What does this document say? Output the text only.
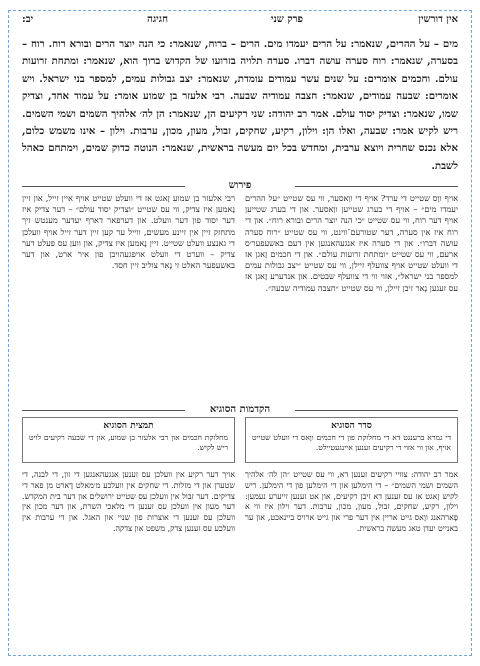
אין דורשין
פרק שני
חגיגה
יב:
מים – על ההרים, שנאמר: על הרים יעמדו מים. הרים – ברוח, שנאמר: כי הנה יוצר הרים ובורא רוח. רוח – בסערה, שנאמר: רוח סערה עושה דברו. סערה תלויה בזרועו של הקדוש ברוך הוא, שנאמר: ומתחת זרועות עולם. וחכמים אומרים: על שנים עשר עמודים עומדת, שנאמר: יצב גבולות עמים, למספר בני ישראל. ויש אומרים: שבעה עמודים, שנאמר: חצבה עמודיה שבעה. רבי אלעזר בן שמוע אומר: על עמוד אחד, וצדיק שמו, שנאמר: וצדיק יסוד עולם. אמר רב יהודה: שני רקיעים הן, שנאמר: הן לה׳ אלהיך השמים ושמי השמים. ריש לקיש אמר: שבעה, ואלו הן: וילון, רקיע, שחקים, זבול, מעון, מכון, ערבות. וילון – אינו משמש כלום, אלא נכנס שחרית ויוצא ערבית, ומחדש בכל יום מעשה בראשית, שנאמר: הנוטה כדוק שמים, וימתחם כאהל לשבת.
פירוש
אויף ווָס שטייט די ערד? אויף די ווַאסער, ווי עס שטייט ״על ההרים יעמדו מים״ – אויף די בערג שטייען ווַאסער. און די בערג שטייען אויף דער רוח, ווי עס שטייט ״כי הנה יוצר הרים ובורא רוח״. און די רוח איז אין סערה, דער שטורעם־ווינט, ווי עס שטייט ״רוח סערה עושה דברו״. און די סערה איז אנגעהאנגען אין דעם באשעפער׳ס ארעם, ווי עס שטייט ״ומתחת זרועות עולם״. און די חכמים זָאגן אז די וועלט שטייט אויף צוועלף זיילן, ווי עס שטייט ״יצב גבולות עמים למספר בני ישראל״, אזוי ווי די צוועלף שבטים. און אנדערע זָאגן אז עס זענען נָאר זיבן זיילן, ווי עס שטייט ״חצבה עמודיה שבעה״.
רבי אלעזר בן שמוע זָאגט אז די וועלט שטייט אויף איין זייל, און זיין נָאמען איז צדיק, ווי עס שטייט ״וצדיק יסוד עולם״ – דער צדיק איז דער יסוד פון דער וועלט. און דערפאר דארף יעדער מענטש זיך מתחזק זיין אין זיינע מעשים, ווייל ער קען זיין דער זייל אויף וועלכן די גאנצע וועלט שטייט. זיין נָאמען איז צדיק, און ווען עס פעלט דער צדיק – ווערט די וועלט אויפגעהויבן פון איר ארט, און דער באשעפער האלט זי נָאר צוליב זיין חסד.
הקדמות הסוגיא
סדר הסוגיא
די גמרא ברענגט דא די מחלוקת פון די חכמים ווָאס די וועלט שטייט אויף, און ווי אזוי די רקיעים זענען איינגעטיילט.
תמצית הסוגיא
מחלוקת חכמים און רבי אלעזר בן שמוע, און די שבעה רקיעים לויט ריש לקיש.
אמר רב יהודה: צוויי רקיעים זענען דא, ווי עס שטייט ״הן לה׳ אלהיך השמים ושמי השמים״ – די הימלען און די הימלען פון די הימלען. ריש לקיש זָאגט אז עס זענען דא זיבן רקיעים, און אט זענען זייערע נעמען: וילון, רקיע, שחקים, זבול, מעון, מכון, ערבות. דער וילון איז ווי א פָארהאנג ווָאס גייט אריין אין דער פרי און גייט ארויס ביינאכט, און ער באנייט יעדן טאג מעשה בראשית.
אויך דער רקיע אין וועלכן עס זענען אנגעהאנגען די זון, די לבנה, די שטערן און די מזלות. די שחקים אין וועלכע מ׳מאלט דָארט מן פאר די צדיקים. דער זבול אין וועלכן עס שטייט ירושלים און דער בית המקדש. דער מעון אין וועלכן עס זענען די מלאכי השרת, און דער מכון אין וועלכן עס זענען די אוצרות פון שניי און האגל. און די ערבות אין וועלכע עס זענען צדק, משפט און צדקה.
